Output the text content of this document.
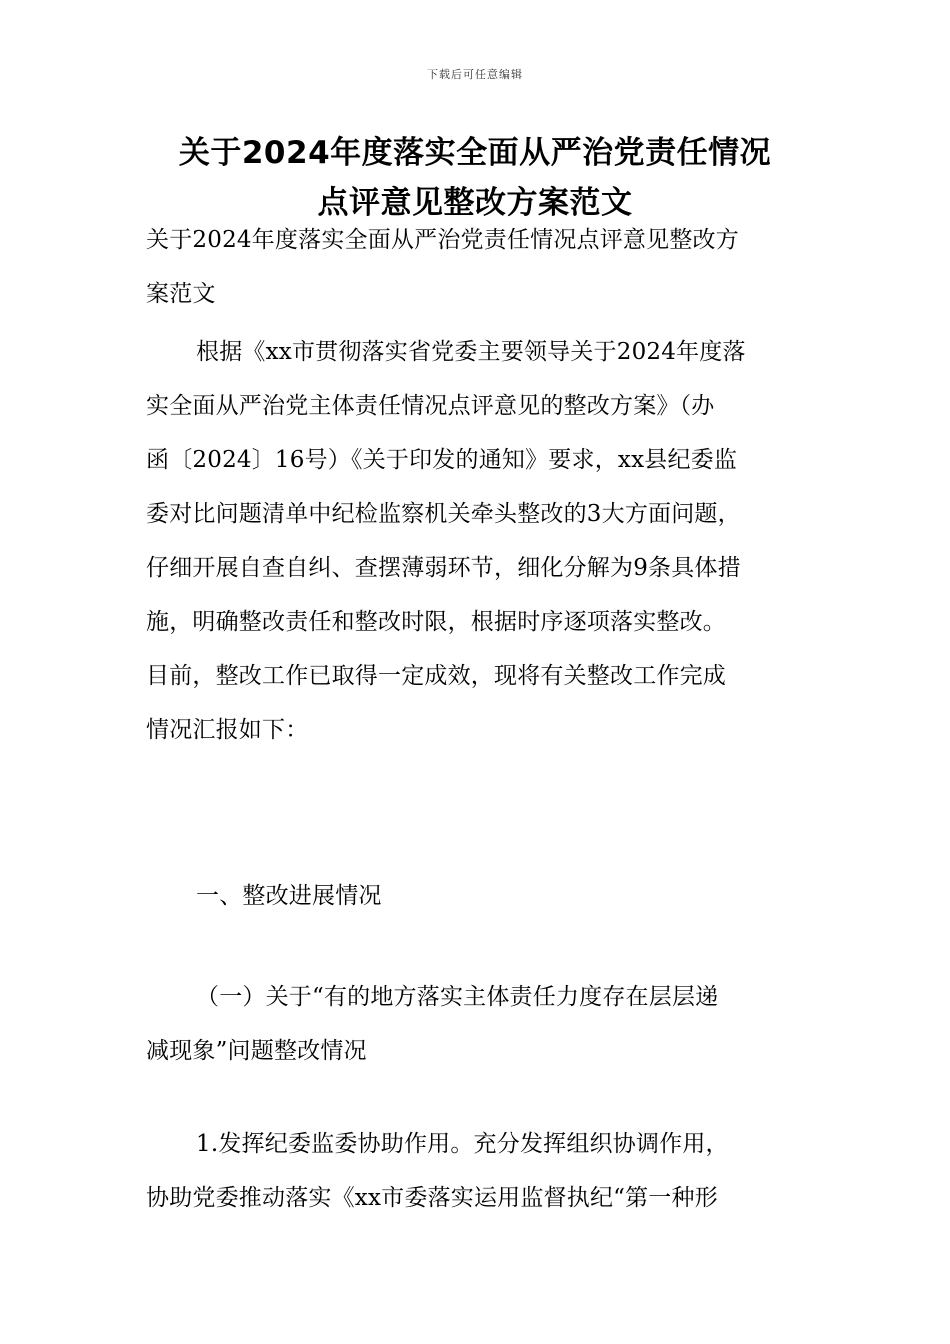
下载后可任意编辑
关于2024年度落实全面从严治党责任情况
点评意见整改方案范文
关于2024年度落实全面从严治党责任情况点评意见整改方
案范文
根据《xx市贯彻落实省党委主要领导关于2024年度落
实全面从严治党主体责任情况点评意见的整改方案》（办
函〔2024〕16号）《关于印发的通知》要求，xx县纪委监
委对比问题清单中纪检监察机关牵头整改的3大方面问题，
仔细开展自查自纠、查摆薄弱环节，细化分解为9条具体措
施，明确整改责任和整改时限，根据时序逐项落实整改。
目前，整改工作已取得一定成效，现将有关整改工作完成
情况汇报如下：
一、整改进展情况
（一）关于“有的地方落实主体责任力度存在层层递
减现象”问题整改情况
1.发挥纪委监委协助作用。充分发挥组织协调作用，
协助党委推动落实《xx市委落实运用监督执纪“第一种形
